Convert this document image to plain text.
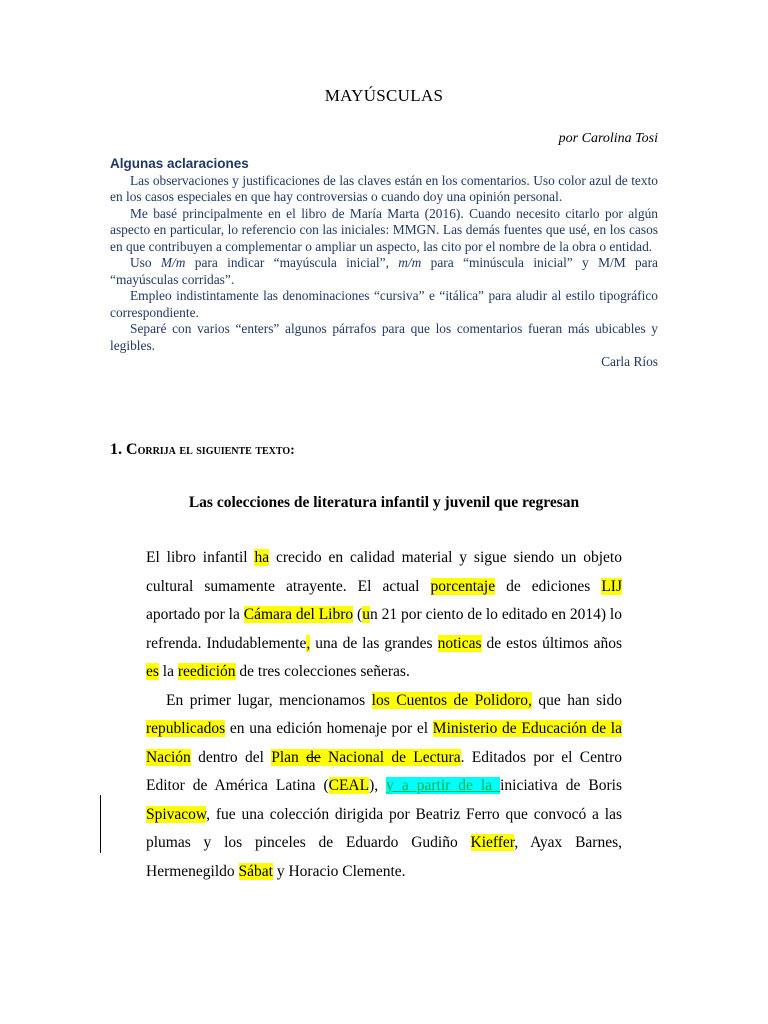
MAYÚSCULAS
por Carolina Tosi
Algunas aclaraciones

Las observaciones y justificaciones de las claves están en los comentarios. Uso color azul de texto en los casos especiales en que hay controversias o cuando doy una opinión personal.

Me basé principalmente en el libro de María Marta (2016). Cuando necesito citarlo por algún aspecto en particular, lo referencio con las iniciales: MMGN. Las demás fuentes que usé, en los casos en que contribuyen a complementar o ampliar un aspecto, las cito por el nombre de la obra o entidad.

Uso M/m para indicar “mayúscula inicial”, m/m para “minúscula inicial” y M/M para “mayúsculas corridas”.

Empleo indistintamente las denominaciones “cursiva” e “itálica” para aludir al estilo tipográfico correspondiente.

Separé con varios “enters” algunos párrafos para que los comentarios fueran más ubicables y legibles.

Carla Ríos
1. Corrija el siguiente texto:
Las colecciones de literatura infantil y juvenil que regresan

El libro infantil ha crecido en calidad material y sigue siendo un objeto cultural sumamente atrayente. El actual porcentaje de ediciones LIJ aportado por la Cámara del Libro (un 21 por ciento de lo editado en 2014) lo refrenda. Indudablemente, una de las grandes noticas de estos últimos años es la reedición de tres colecciones señeras.

En primer lugar, mencionamos los Cuentos de Polidoro, que han sido republicados en una edición homenaje por el Ministerio de Educación de la Nación dentro del Plan de Nacional de Lectura. Editados por el Centro Editor de América Latina (CEAL), y a partir de la iniciativa de Boris Spivacow, fue una colección dirigida por Beatriz Ferro que convocó a las plumas y los pinceles de Eduardo Gudiño Kieffer, Ayax Barnes, Hermenegildo Sábat y Horacio Clemente.
